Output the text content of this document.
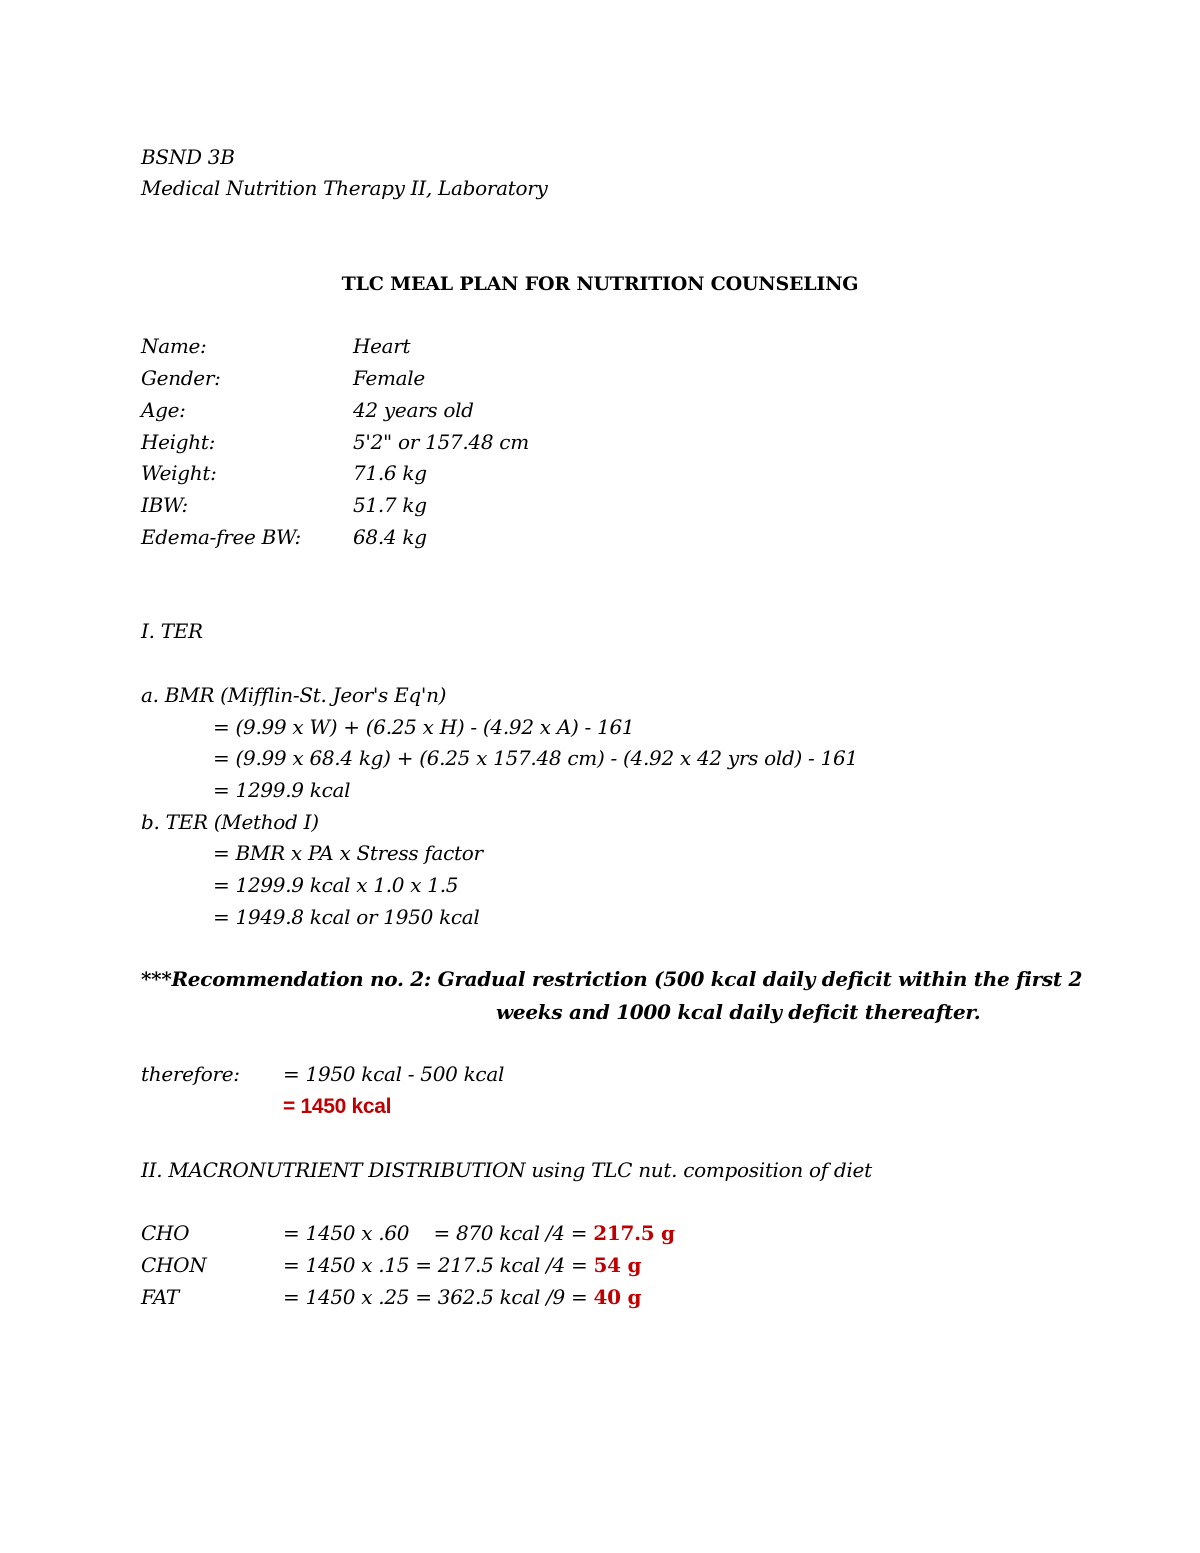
BSND 3B
Medical Nutrition Therapy II, Laboratory
TLC MEAL PLAN FOR NUTRITION COUNSELING
Name:	Heart
Gender:	Female
Age:	42 years old
Height:	5'2" or 157.48 cm
Weight:	71.6 kg
IBW:	51.7 kg
Edema-free BW:	68.4 kg
I. TER
a. BMR (Mifflin-St. Jeor's Eq'n)
= (9.99 x W) + (6.25 x H) - (4.92 x A) - 161
= (9.99 x 68.4 kg) + (6.25 x 157.48 cm) - (4.92 x 42 yrs old) - 161
= 1299.9 kcal
b. TER (Method I)
= BMR x PA x Stress factor
= 1299.9 kcal x 1.0 x 1.5
= 1949.8 kcal or 1950 kcal
***Recommendation no. 2: Gradual restriction (500 kcal daily deficit within the first 2
weeks and 1000 kcal daily deficit thereafter.
therefore: = 1950 kcal - 500 kcal
= 1450 kcal
II. MACRONUTRIENT DISTRIBUTION using TLC nut. composition of diet
CHO	= 1450 x .60    = 870 kcal /4 = 217.5 g
CHON	= 1450 x .15 = 217.5 kcal /4 = 54 g
FAT	= 1450 x .25 = 362.5 kcal /9 = 40 g
